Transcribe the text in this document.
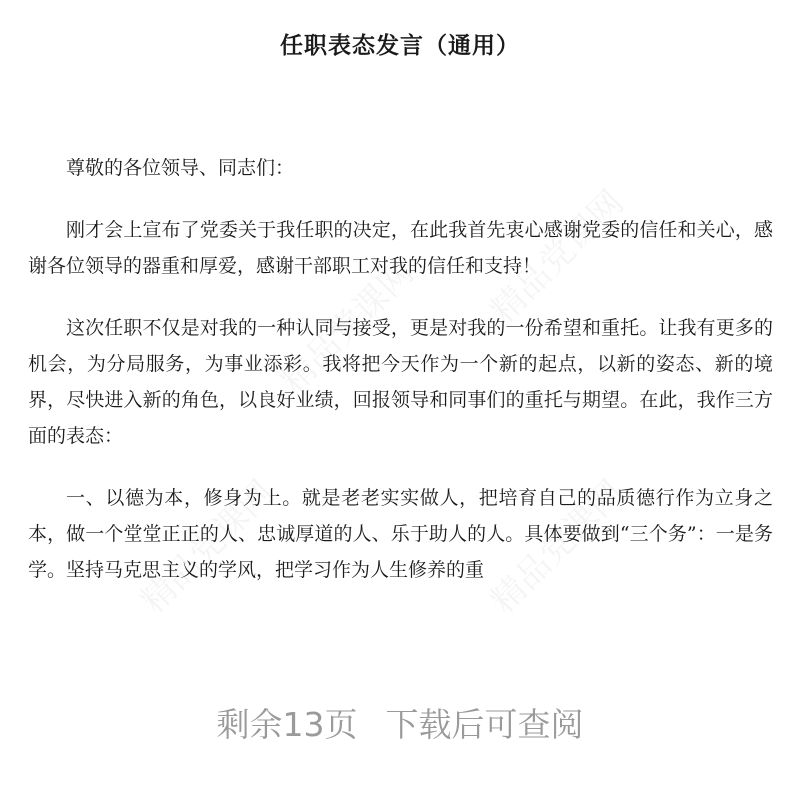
任职表态发言（通用）

尊敬的各位领导、同志们：

刚才会上宣布了党委关于我任职的决定，在此我首先衷心感谢党委的信任和关心，感谢各位领导的器重和厚爱，感谢干部职工对我的信任和支持！

这次任职不仅是对我的一种认同与接受，更是对我的一份希望和重托。让我有更多的机会，为分局服务，为事业添彩。我将把今天作为一个新的起点，以新的姿态、新的境界，尽快进入新的角色，以良好业绩，回报领导和同事们的重托与期望。在此，我作三方面的表态：

一、以德为本，修身为上。就是老老实实做人，把培育自己的品质德行作为立身之本，做一个堂堂正正的人、忠诚厚道的人、乐于助人的人。具体要做到“三个务”：一是务学。坚持马克思主义的学风，把学习作为人生修养的重

剩余13页 下载后可查阅
